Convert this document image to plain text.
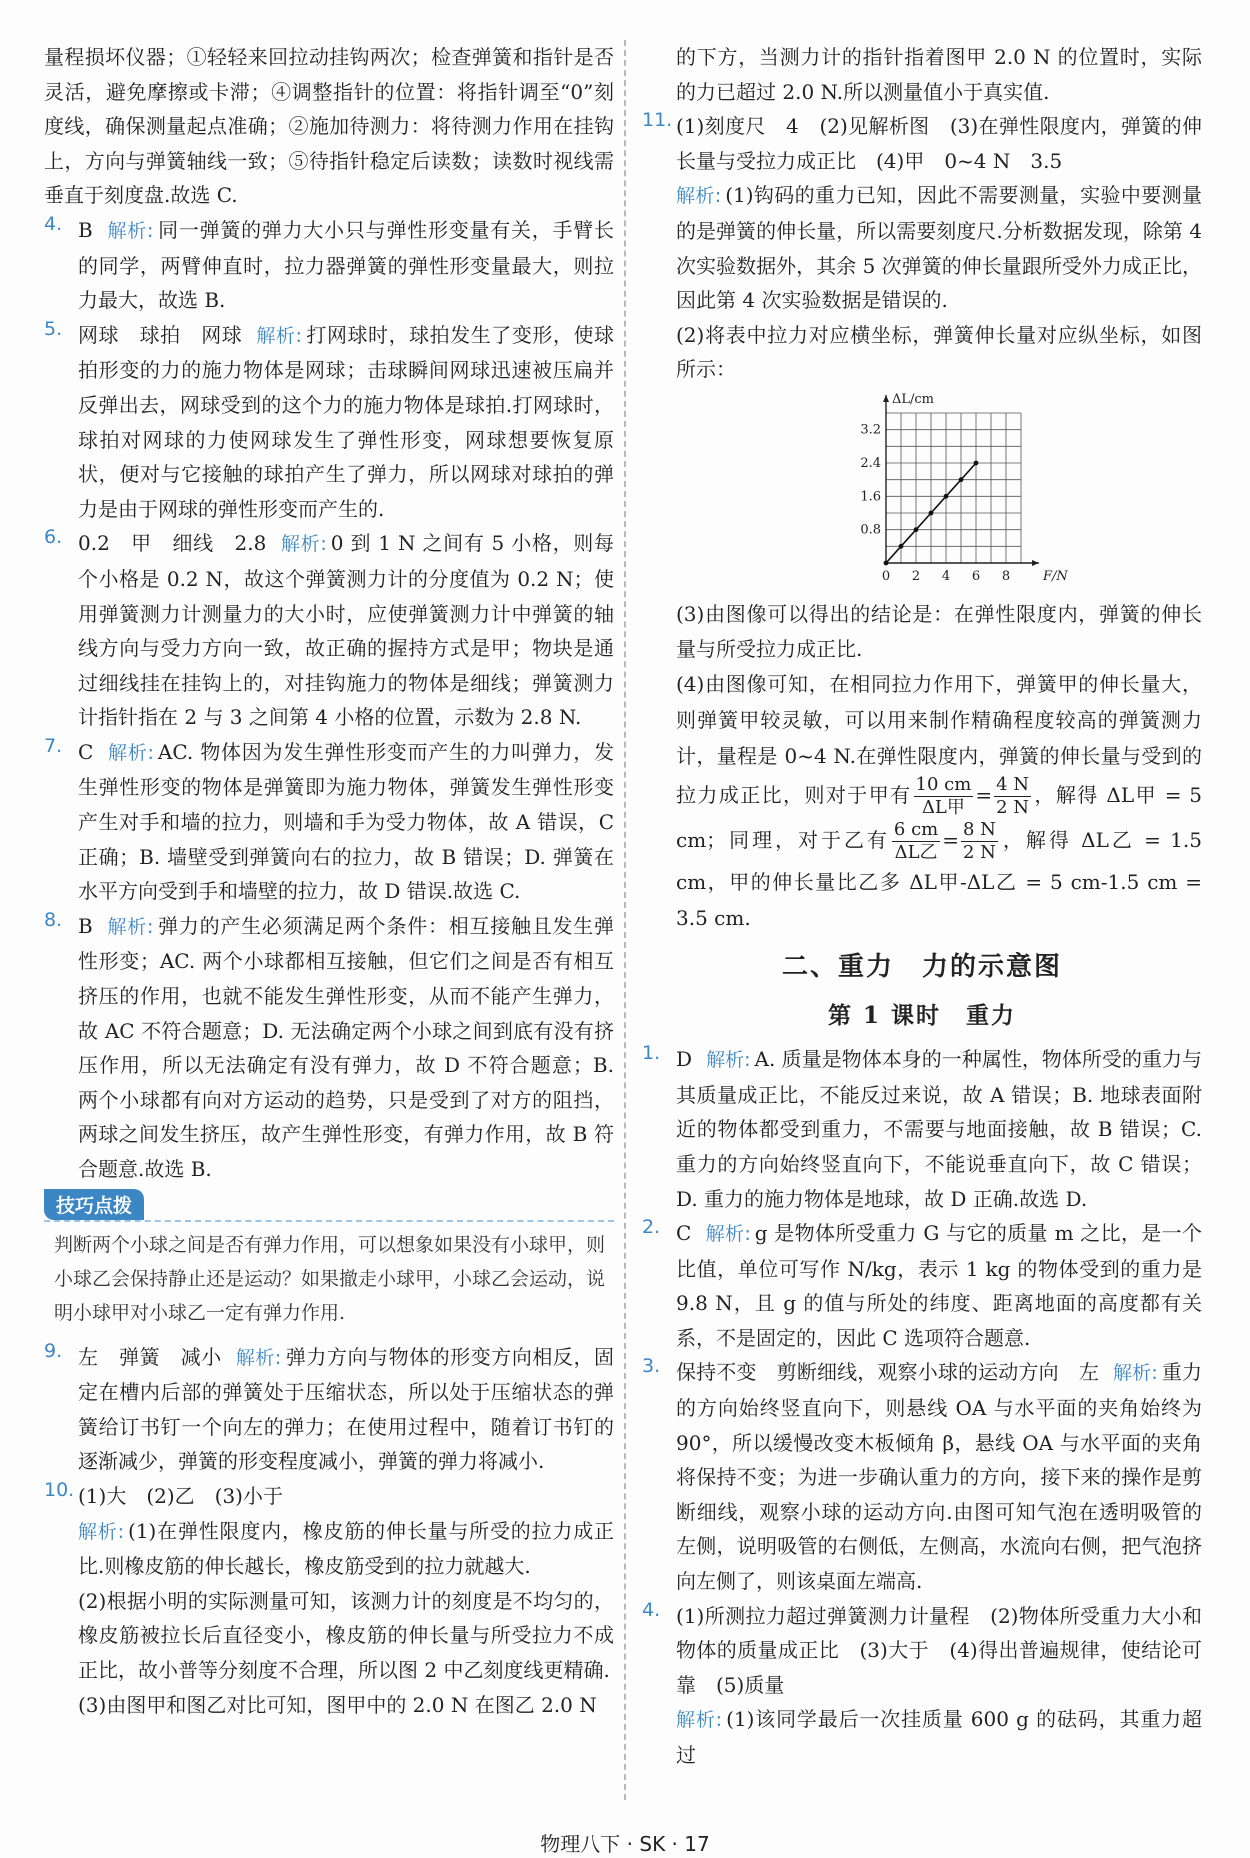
量程损坏仪器；①轻轻来回拉动挂钩两次；检查弹簧和指针是否灵活，避免摩擦或卡滞；④调整指针的位置：将指针调至“0”刻度线，确保测量起点准确；②施加待测力：将待测力作用在挂钩上，方向与弹簧轴线一致；⑤待指针稳定后读数；读数时视线需垂直于刻度盘.故选 C.

4. B 解析: 同一弹簧的弹力大小只与弹性形变量有关，手臂长的同学，两臂伸直时，拉力器弹簧的弹性形变量最大，则拉力最大，故选 B.

5. 网球　球拍　网球 解析: 打网球时，球拍发生了变形，使球拍形变的力的施力物体是网球；击球瞬间网球迅速被压扁并反弹出去，网球受到的这个力的施力物体是球拍.打网球时，球拍对网球的力使网球发生了弹性形变，网球想要恢复原状，便对与它接触的球拍产生了弹力，所以网球对球拍的弹力是由于网球的弹性形变而产生的.

6. 0.2　甲　细线　2.8 解析: 0 到 1 N 之间有 5 小格，则每个小格是 0.2 N，故这个弹簧测力计的分度值为 0.2 N；使用弹簧测力计测量力的大小时，应使弹簧测力计中弹簧的轴线方向与受力方向一致，故正确的握持方式是甲；物块是通过细线挂在挂钩上的，对挂钩施力的物体是细线；弹簧测力计指针指在 2 与 3 之间第 4 小格的位置，示数为 2.8 N.

7. C 解析: AC. 物体因为发生弹性形变而产生的力叫弹力，发生弹性形变的物体是弹簧即为施力物体，弹簧发生弹性形变产生对手和墙的拉力，则墙和手为受力物体，故 A 错误，C 正确；B. 墙壁受到弹簧向右的拉力，故 B 错误；D. 弹簧在水平方向受到手和墙壁的拉力，故 D 错误.故选 C.

8. B 解析: 弹力的产生必须满足两个条件：相互接触且发生弹性形变；AC. 两个小球都相互接触，但它们之间是否有相互挤压的作用，也就不能发生弹性形变，从而不能产生弹力，故 AC 不符合题意；D. 无法确定两个小球之间到底有没有挤压作用，所以无法确定有没有弹力，故 D 不符合题意；B. 两个小球都有向对方运动的趋势，只是受到了对方的阻挡，两球之间发生挤压，故产生弹性形变，有弹力作用，故 B 符合题意.故选 B.

技巧点拨
判断两个小球之间是否有弹力作用，可以想象如果没有小球甲，则小球乙会保持静止还是运动？如果撤走小球甲，小球乙会运动，说明小球甲对小球乙一定有弹力作用.
9. 左　弹簧　减小 解析: 弹力方向与物体的形变方向相反，固定在槽内后部的弹簧处于压缩状态，所以处于压缩状态的弹簧给订书钉一个向左的弹力；在使用过程中，随着订书钉的逐渐减少，弹簧的形变程度减小，弹簧的弹力将减小.

10. (1)大　(2)乙　(3)小于

解析: (1)在弹性限度内，橡皮筋的伸长量与所受的拉力成正比.则橡皮筋的伸长越长，橡皮筋受到的拉力就越大.

(2)根据小明的实际测量可知，该测力计的刻度是不均匀的，橡皮筋被拉长后直径变小，橡皮筋的伸长量与所受拉力不成正比，故小普等分刻度不合理，所以图 2 中乙刻度线更精确.

(3)由图甲和图乙对比可知，图甲中的 2.0 N 在图乙 2.0 N

的下方，当测力计的指针指着图甲 2.0 N 的位置时，实际的力已超过 2.0 N.所以测量值小于真实值.

11. (1)刻度尺　4　(2)见解析图　(3)在弹性限度内，弹簧的伸长量与受拉力成正比　(4)甲　0~4 N　3.5

解析: (1)钩码的重力已知，因此不需要测量，实验中要测量的是弹簧的伸长量，所以需要刻度尺.分析数据发现，除第 4 次实验数据外，其余 5 次弹簧的伸长量跟所受外力成正比，因此第 4 次实验数据是错误的.

(2)将表中拉力对应横坐标，弹簧伸长量对应纵坐标，如图所示：

0 2 4 6 8
0.8
1.6
2.4
3.2
F/N
ΔL/cm

(3)由图像可以得出的结论是：在弹性限度内，弹簧的伸长量与所受拉力成正比.

(4)由图像可知，在相同拉力作用下，弹簧甲的伸长量大，则弹簧甲较灵敏，可以用来制作精确程度较高的弹簧测力计，量程是 0~4 N.在弹性限度内，弹簧的伸长量与受到的拉力成正比，则对于甲有 $\frac{10 cm}{\text{ΔL甲}} = \frac{4 N}{2 N}$ ，解得 ΔL甲 = 5 cm；同理，对于乙有 $\frac{6 cm}{\text{ΔL乙}} = \frac{8 N}{2 N}$ ，解得 ΔL乙 = 1.5 cm，甲的伸长量比乙多 ΔL甲-ΔL乙 = 5 cm-1.5 cm = 3.5 cm.

二、重力　力的示意图
第 1 课时　重力
1. D 解析: A. 质量是物体本身的一种属性，物体所受的重力与其质量成正比，不能反过来说，故 A 错误；B. 地球表面附近的物体都受到重力，不需要与地面接触，故 B 错误；C. 重力的方向始终竖直向下，不能说垂直向下，故 C 错误；D. 重力的施力物体是地球，故 D 正确.故选 D.

2. C 解析: g 是物体所受重力 G 与它的质量 m 之比，是一个比值，单位可写作 N/kg，表示 1 kg 的物体受到的重力是 9.8 N，且 g 的值与所处的纬度、距离地面的高度都有关系，不是固定的，因此 C 选项符合题意.

3. 保持不变　剪断细线，观察小球的运动方向　左 解析: 重力的方向始终竖直向下，则悬线 OA 与水平面的夹角始终为 90°，所以缓慢改变木板倾角 β，悬线 OA 与水平面的夹角将保持不变；为进一步确认重力的方向，接下来的操作是剪断细线，观察小球的运动方向.由图可知气泡在透明吸管的左侧，说明吸管的右侧低，左侧高，水流向右侧，把气泡挤向左侧了，则该桌面左端高.

4. (1)所测拉力超过弹簧测力计量程　(2)物体所受重力大小和物体的质量成正比　(3)大于　(4)得出普遍规律，使结论可靠　(5)质量

解析: (1)该同学最后一次挂质量 600 g 的砝码，其重力超过

物理八下 · SK · 17
